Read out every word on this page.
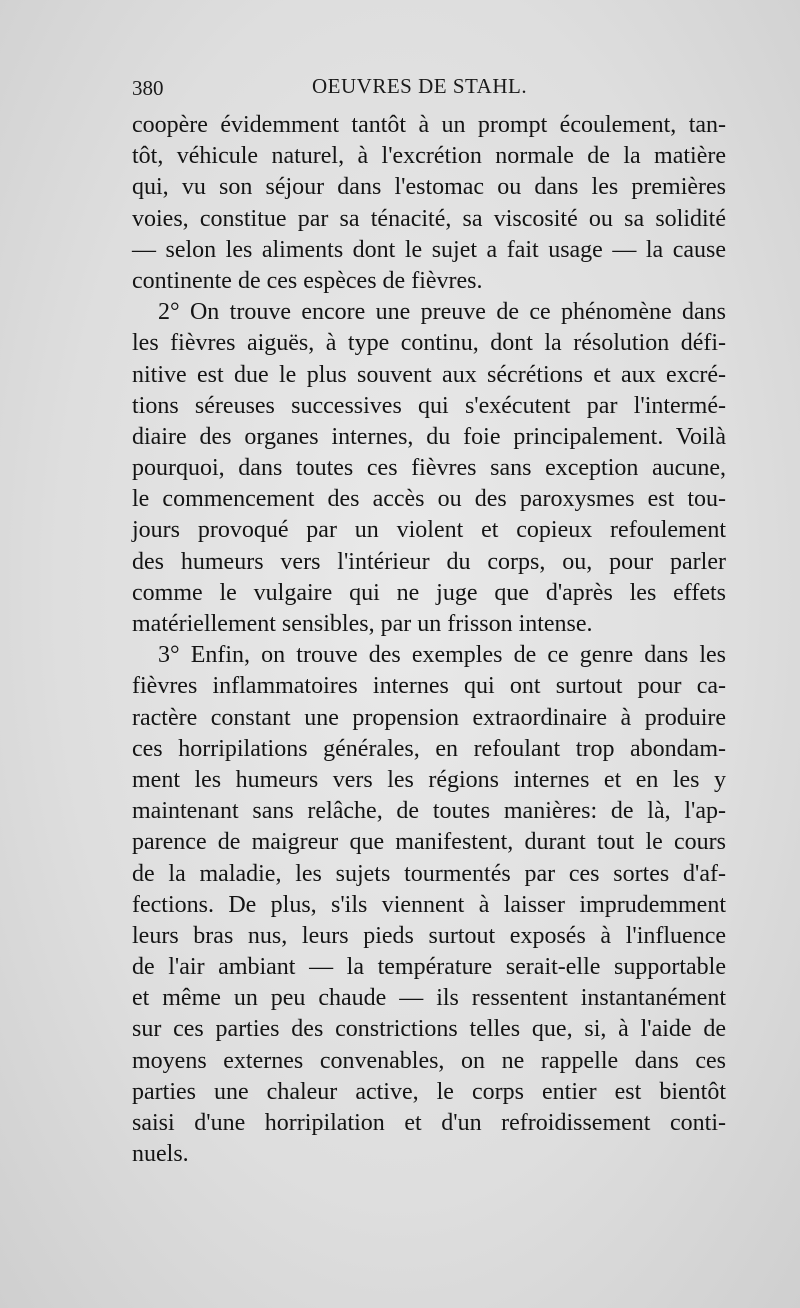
380	OEUVRES DE STAHL.
coopère évidemment tantôt à un prompt écoulement, tan-
tôt, véhicule naturel, à l'excrétion normale de la matière
qui, vu son séjour dans l'estomac ou dans les premières
voies, constitue par sa ténacité, sa viscosité ou sa solidité
— selon les aliments dont le sujet a fait usage — la cause
continente de ces espèces de fièvres.
2° On trouve encore une preuve de ce phénomène dans
les fièvres aiguës, à type continu, dont la résolution défi-
nitive est due le plus souvent aux sécrétions et aux excré-
tions séreuses successives qui s'exécutent par l'intermé-
diaire des organes internes, du foie principalement. Voilà
pourquoi, dans toutes ces fièvres sans exception aucune,
le commencement des accès ou des paroxysmes est tou-
jours provoqué par un violent et copieux refoulement
des humeurs vers l'intérieur du corps, ou, pour parler
comme le vulgaire qui ne juge que d'après les effets
matériellement sensibles, par un frisson intense.
3° Enfin, on trouve des exemples de ce genre dans les
fièvres inflammatoires internes qui ont surtout pour ca-
ractère constant une propension extraordinaire à produire
ces horripilations générales, en refoulant trop abondam-
ment les humeurs vers les régions internes et en les y
maintenant sans relâche, de toutes manières: de là, l'ap-
parence de maigreur que manifestent, durant tout le cours
de la maladie, les sujets tourmentés par ces sortes d'af-
fections. De plus, s'ils viennent à laisser imprudemment
leurs bras nus, leurs pieds surtout exposés à l'influence
de l'air ambiant — la température serait-elle supportable
et même un peu chaude — ils ressentent instantanément
sur ces parties des constrictions telles que, si, à l'aide de
moyens externes convenables, on ne rappelle dans ces
parties une chaleur active, le corps entier est bientôt
saisi d'une horripilation et d'un refroidissement conti-
nuels.
